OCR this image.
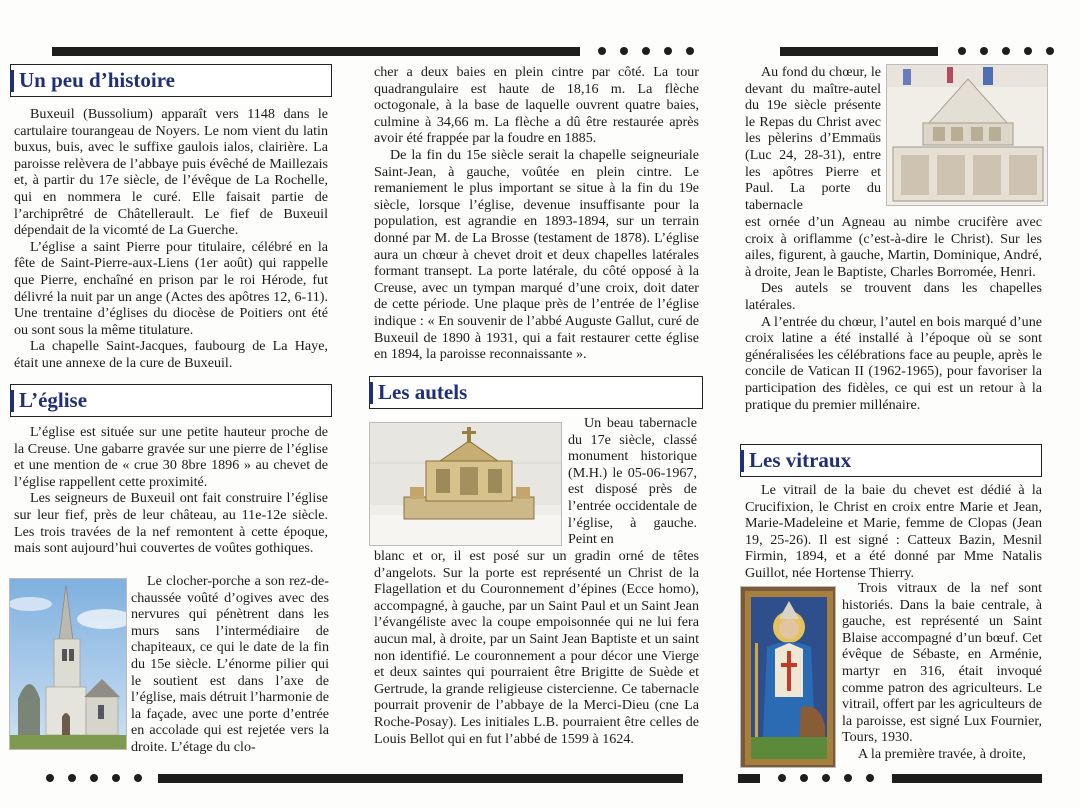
Un peu d’histoire

Buxeuil (Bussolium) apparaît vers 1148 dans le cartulaire tourangeau de Noyers. Le nom vient du latin buxus, buis, avec le suffixe gaulois ialos, clairière. La paroisse relèvera de l’abbaye puis évêché de Maillezais et, à partir du 17e siècle, de l’évêque de La Rochelle, qui en nommera le curé. Elle faisait partie de l’archiprêtré de Châtellerault. Le fief de Buxeuil dépendait de la vicomté de La Guerche.

L’église a saint Pierre pour titulaire, célébré en la fête de Saint-Pierre-aux-Liens (1er août) qui rappelle que Pierre, enchaîné en prison par le roi Hérode, fut délivré la nuit par un ange (Actes des apôtres 12, 6-11). Une trentaine d’églises du diocèse de Poitiers ont été ou sont sous la même titulature.

La chapelle Saint-Jacques, faubourg de La Haye, était une annexe de la cure de Buxeuil.

L’église

L’église est située sur une petite hauteur proche de la Creuse. Une gabarre gravée sur une pierre de l’église et une mention de « crue 30 8bre 1896 » au chevet de l’église rappellent cette proximité.

Les seigneurs de Buxeuil ont fait construire l’église sur leur fief, près de leur château, au 11e-12e siècle. Les trois travées de la nef remontent à cette époque, mais sont aujourd’hui couvertes de voûtes gothiques.

Le clocher-porche a son rez-de-chaussée voûté d’ogives avec des nervures qui pénètrent dans les murs sans l’intermédiaire de chapiteaux, ce qui le date de la fin du 15e siècle. L’énorme pilier qui le soutient est dans l’axe de l’église, mais détruit l’harmonie de la façade, avec une porte d’entrée en accolade qui est rejetée vers la droite. L’étage du clo-

cher a deux baies en plein cintre par côté. La tour quadrangulaire est haute de 18,16 m. La flèche octogonale, à la base de laquelle ouvrent quatre baies, culmine à 34,66 m. La flèche a dû être restaurée après avoir été frappée par la foudre en 1885.

De la fin du 15e siècle serait la chapelle seigneuriale Saint-Jean, à gauche, voûtée en plein cintre. Le remaniement le plus important se situe à la fin du 19e siècle, lorsque l’église, devenue insuffisante pour la population, est agrandie en 1893-1894, sur un terrain donné par M. de La Brosse (testament de 1878). L’église aura un chœur à chevet droit et deux chapelles latérales formant transept. La porte latérale, du côté opposé à la Creuse, avec un tympan marqué d’une croix, doit dater de cette période. Une plaque près de l’entrée de l’église indique : « En souvenir de l’abbé Auguste Gallut, curé de Buxeuil de 1890 à 1931, qui a fait restaurer cette église en 1894, la paroisse reconnaissante ».

Les autels

Un beau tabernacle du 17e siècle, classé monument historique (M.H.) le 05-06-1967, est disposé près de l’entrée occidentale de l’église, à gauche. Peint en

blanc et or, il est posé sur un gradin orné de têtes d’angelots. Sur la porte est représenté un Christ de la Flagellation et du Couronnement d’épines (Ecce homo), accompagné, à gauche, par un Saint Paul et un Saint Jean l’évangéliste avec la coupe empoisonnée qui ne lui fera aucun mal, à droite, par un Saint Jean Baptiste et un saint non identifié. Le couronnement a pour décor une Vierge et deux saintes qui pourraient être Brigitte de Suède et Gertrude, la grande religieuse cistercienne. Ce tabernacle pourrait provenir de l’abbaye de la Merci-Dieu (cne La Roche-Posay). Les initiales L.B. pourraient être celles de Louis Bellot qui en fut l’abbé de 1599 à 1624.

Au fond du chœur, le devant du maître-autel du 19e siècle présente le Repas du Christ avec les pèlerins d’Emmaüs (Luc 24, 28-31), entre les apôtres Pierre et Paul. La porte du tabernacle

est ornée d’un Agneau au nimbe crucifère avec croix à oriflamme (c’est-à-dire le Christ). Sur les ailes, figurent, à gauche, Martin, Dominique, André, à droite, Jean le Baptiste, Charles Borromée, Henri.

Des autels se trouvent dans les chapelles latérales.

A l’entrée du chœur, l’autel en bois marqué d’une croix latine a été installé à l’époque où se sont généralisées les célébrations face au peuple, après le concile de Vatican II (1962-1965), pour favoriser la participation des fidèles, ce qui est un retour à la pratique du premier millénaire.

Les vitraux

Le vitrail de la baie du chevet est dédié à la Crucifixion, le Christ en croix entre Marie et Jean, Marie-Madeleine et Marie, femme de Clopas (Jean 19, 25-26). Il est signé : Catteux Bazin, Mesnil Firmin, 1894, et a été donné par Mme Natalis Guillot, née Hortense Thierry.

Trois vitraux de la nef sont historiés. Dans la baie centrale, à gauche, est représenté un Saint Blaise accompagné d’un bœuf. Cet évêque de Sébaste, en Arménie, martyr en 316, était invoqué comme patron des agriculteurs. Le vitrail, offert par les agriculteurs de la paroisse, est signé Lux Fournier, Tours, 1930.

A la première travée, à droite,
